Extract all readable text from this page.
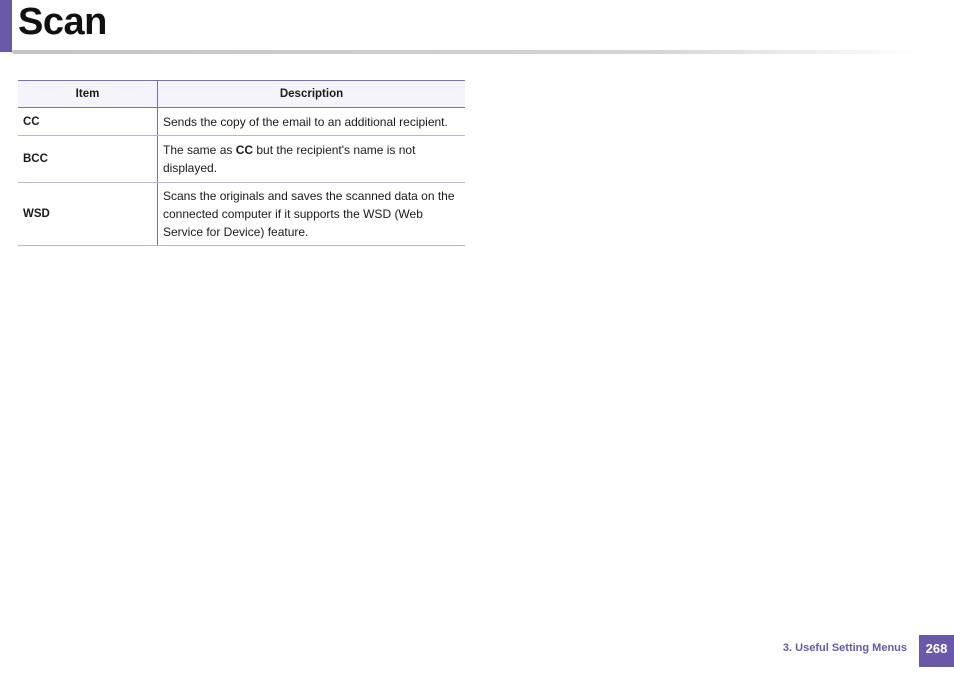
Scan
Item	Description
CC	Sends the copy of the email to an additional recipient.
BCC	The same as CC but the recipient's name is not displayed.
WSD	Scans the originals and saves the scanned data on the connected computer if it supports the WSD (Web Service for Device) feature.
3. Useful Setting Menus	268
